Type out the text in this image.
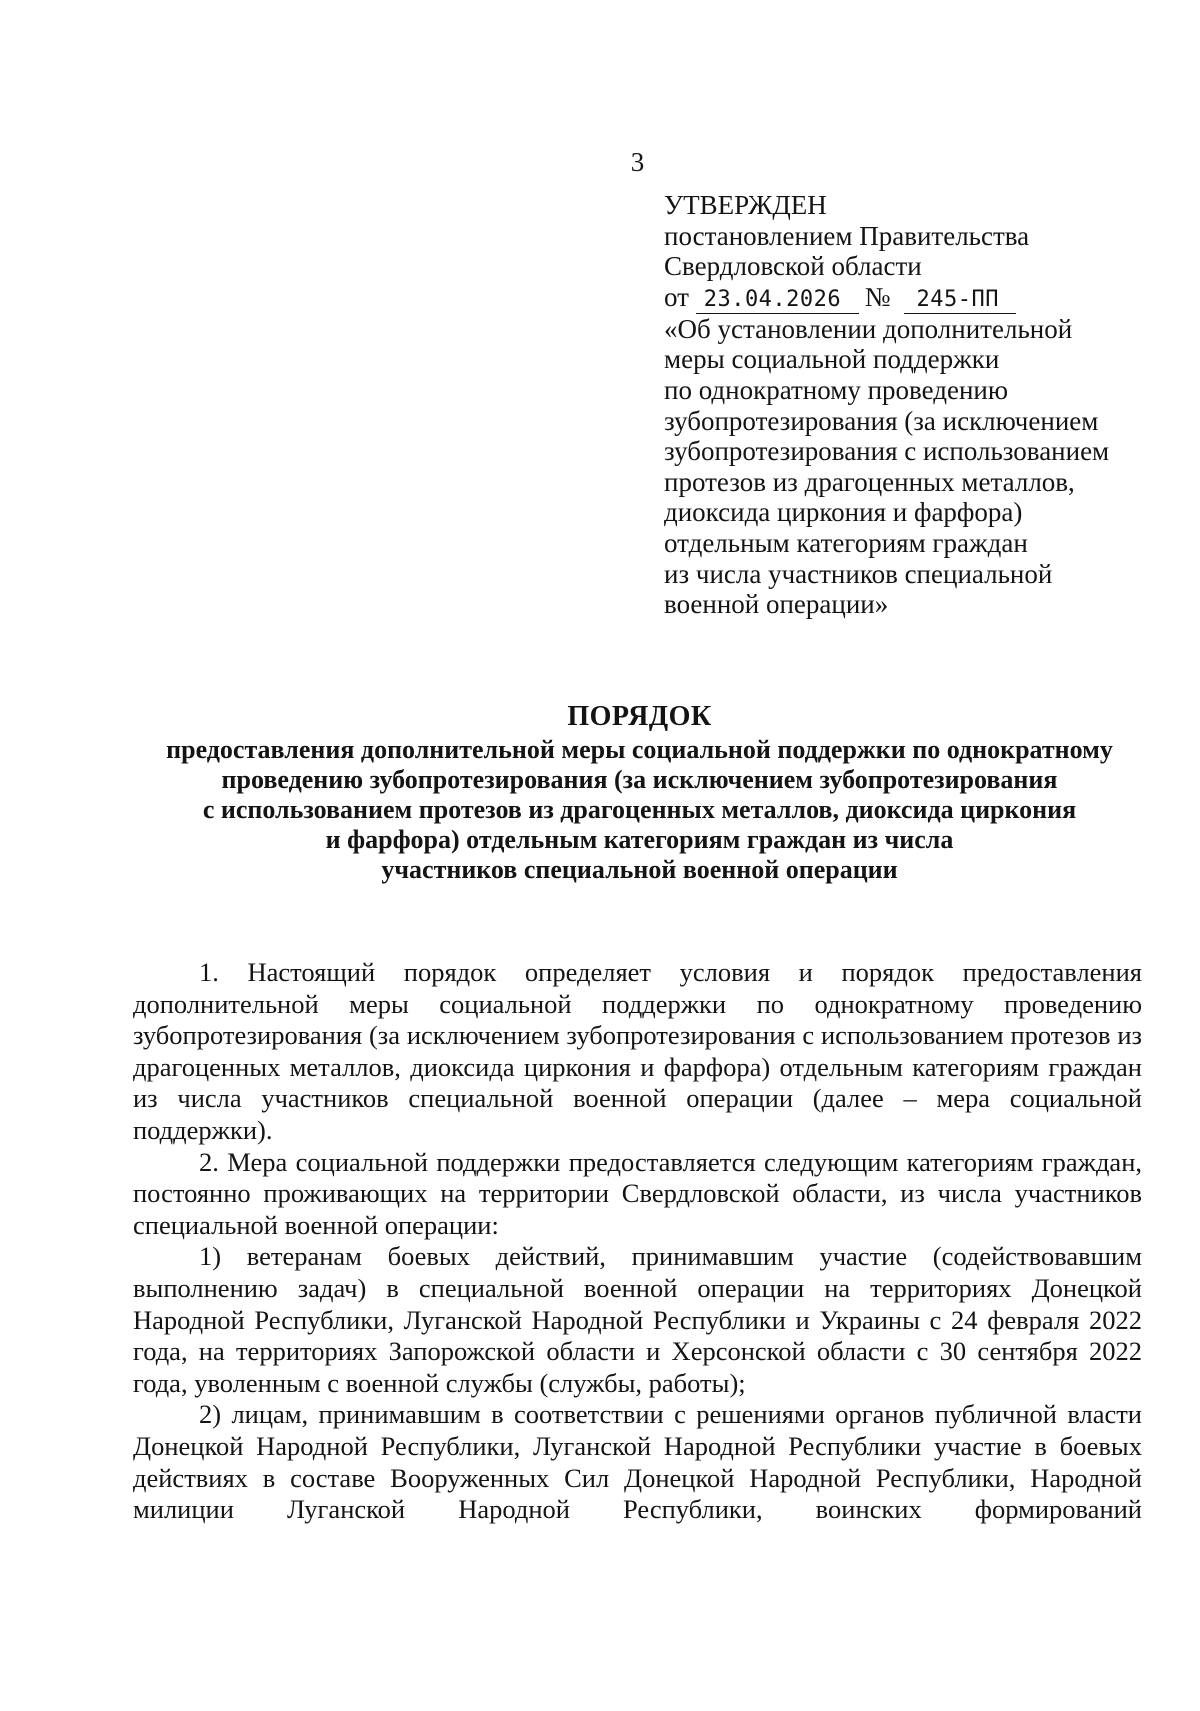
3
УТВЕРЖДЕН
постановлением Правительства
Свердловской области
от 23.04.2026 № 245-ПП
«Об установлении дополнительной
меры социальной поддержки
по однократному проведению
зубопротезирования (за исключением
зубопротезирования с использованием
протезов из драгоценных металлов,
диоксида циркония и фарфора)
отдельным категориям граждан
из числа участников специальной
военной операции»
ПОРЯДОК
предоставления дополнительной меры социальной поддержки по однократному
проведению зубопротезирования (за исключением зубопротезирования
с использованием протезов из драгоценных металлов, диоксида циркония
и фарфора) отдельным категориям граждан из числа
участников специальной военной операции

1. Настоящий порядок определяет условия и порядок предоставления дополнительной меры социальной поддержки по однократному проведению зубопротезирования (за исключением зубопротезирования с использованием протезов из драгоценных металлов, диоксида циркония и фарфора) отдельным категориям граждан из числа участников специальной военной операции (далее – мера социальной поддержки).

2. Мера социальной поддержки предоставляется следующим категориям граждан, постоянно проживающих на территории Свердловской области, из числа участников специальной военной операции:

1) ветеранам боевых действий, принимавшим участие (содействовавшим выполнению задач) в специальной военной операции на территориях Донецкой Народной Республики, Луганской Народной Республики и Украины с 24 февраля 2022 года, на территориях Запорожской области и Херсонской области с 30 сентября 2022 года, уволенным с военной службы (службы, работы);

2) лицам, принимавшим в соответствии с решениями органов публичной власти Донецкой Народной Республики, Луганской Народной Республики участие в боевых действиях в составе Вооруженных Сил Донецкой Народной Республики, Народной милиции Луганской Народной Республики, воинских формирований
